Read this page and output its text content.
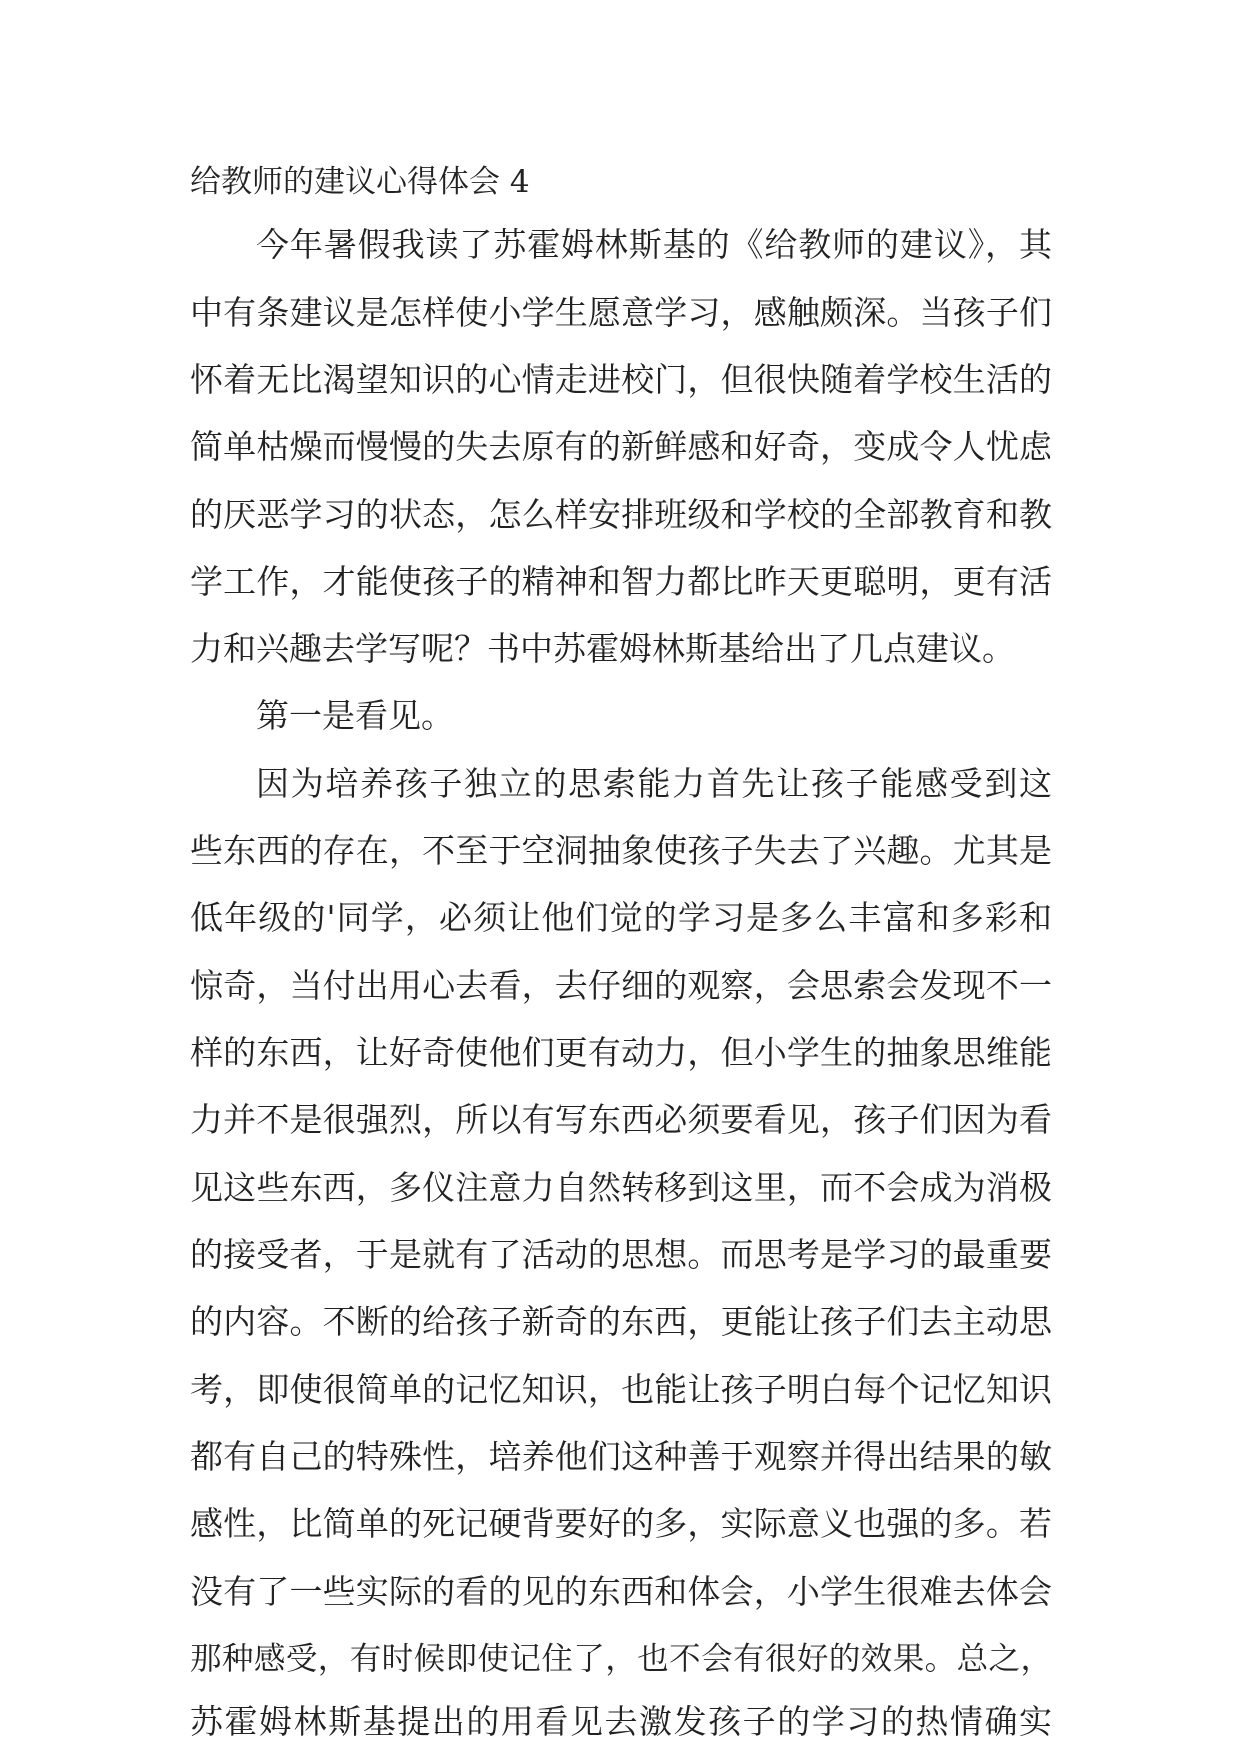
给教师的建议心得体会 4
今年暑假我读了苏霍姆林斯基的《给教师的建议》，其
中有条建议是怎样使小学生愿意学习，感触颇深。当孩子们
怀着无比渴望知识的心情走进校门，但很快随着学校生活的
简单枯燥而慢慢的失去原有的新鲜感和好奇，变成令人忧虑
的厌恶学习的状态，怎么样安排班级和学校的全部教育和教
学工作，才能使孩子的精神和智力都比昨天更聪明，更有活
力和兴趣去学写呢？书中苏霍姆林斯基给出了几点建议。
第一是看见。
因为培养孩子独立的思索能力首先让孩子能感受到这
些东西的存在，不至于空洞抽象使孩子失去了兴趣。尤其是
低年级的'同学，必须让他们觉的学习是多么丰富和多彩和
惊奇，当付出用心去看，去仔细的观察，会思索会发现不一
样的东西，让好奇使他们更有动力，但小学生的抽象思维能
力并不是很强烈，所以有写东西必须要看见，孩子们因为看
见这些东西，多仪注意力自然转移到这里，而不会成为消极
的接受者，于是就有了活动的思想。而思考是学习的最重要
的内容。不断的给孩子新奇的东西，更能让孩子们去主动思
考，即使很简单的记忆知识，也能让孩子明白每个记忆知识
都有自己的特殊性，培养他们这种善于观察并得出结果的敏
感性，比简单的死记硬背要好的多，实际意义也强的多。若
没有了一些实际的看的见的东西和体会，小学生很难去体会
那种感受，有时候即使记住了，也不会有很好的效果。总之，
苏霍姆林斯基提出的用看见去激发孩子的学习的热情确实
